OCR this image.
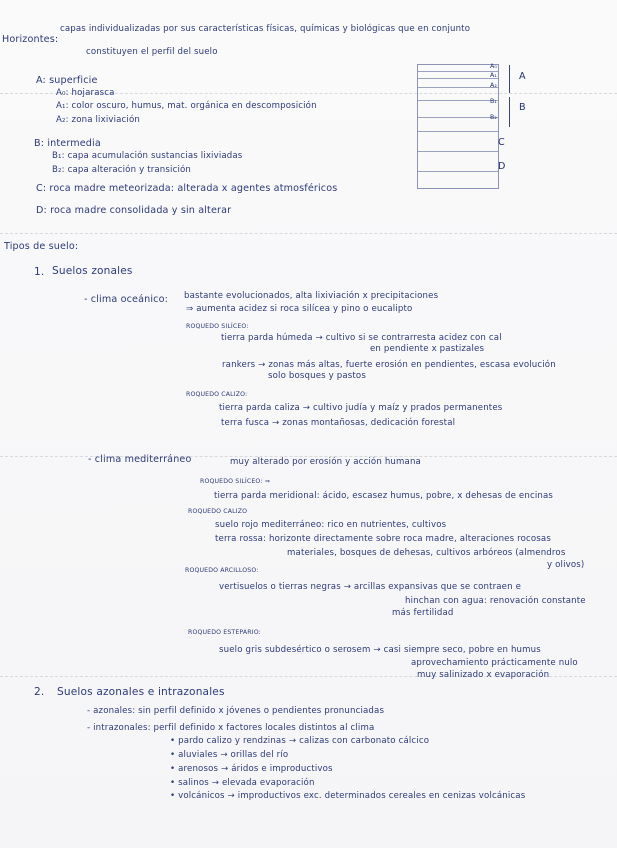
Horizontes:
capas individualizadas por sus características físicas, químicas y biológicas que en conjunto
constituyen el perfil del suelo
A: superficie
A₀: hojarasca
A₁: color oscuro, humus, mat. orgánica en descomposición
A₂: zona lixiviación
B: intermedia
B₁: capa acumulación sustancias lixiviadas
B₂: capa alteración y transición
C: roca madre meteorizada: alterada x agentes atmosféricos
D: roca madre consolidada y sin alterar
A₀
A₁
A₂
B₁
B₂
A
B
C
D
Tipos de suelo:
1. Suelos zonales
- clima oceánico: bastante evolucionados, alta lixiviación x precipitaciones
⇒ aumenta acidez si roca silícea y pino o eucalipto
ROQUEDO SILÍCEO:
tierra parda húmeda → cultivo si se contrarresta acidez con cal
en pendiente x pastizales
rankers → zonas más altas, fuerte erosión en pendientes, escasa evolución
solo bosques y pastos
ROQUEDO CALIZO:
tierra parda caliza → cultivo judía y maíz y prados permanentes
terra fusca → zonas montañosas, dedicación forestal
- clima mediterráneo	muy alterado por erosión y acción humana
ROQUEDO SILÍCEO: ⇒
tierra parda meridional: ácido, escasez humus, pobre, x dehesas de encinas
ROQUEDO CALIZO
suelo rojo mediterráneo: rico en nutrientes, cultivos
terra rossa: horizonte directamente sobre roca madre, alteraciones rocosas
materiales, bosques de dehesas, cultivos arbóreos (almendros
y olivos)
ROQUEDO ARCILLOSO:
vertisuelos o tierras negras → arcillas expansivas que se contraen e
hinchan con agua: renovación constante
más fertilidad
ROQUEDO ESTEPARIO:
suelo gris subdesértico o serosem → casi siempre seco, pobre en humus
aprovechamiento prácticamente nulo
muy salinizado x evaporación
2. Suelos azonales e intrazonales
- azonales: sin perfil definido x jóvenes o pendientes pronunciadas
- intrazonales: perfil definido x factores locales distintos al clima
• pardo calizo y rendzinas → calizas con carbonato cálcico
• aluviales → orillas del río
• arenosos → áridos e improductivos
• salinos → elevada evaporación
• volcánicos → improductivos exc. determinados cereales en cenizas volcánicas
